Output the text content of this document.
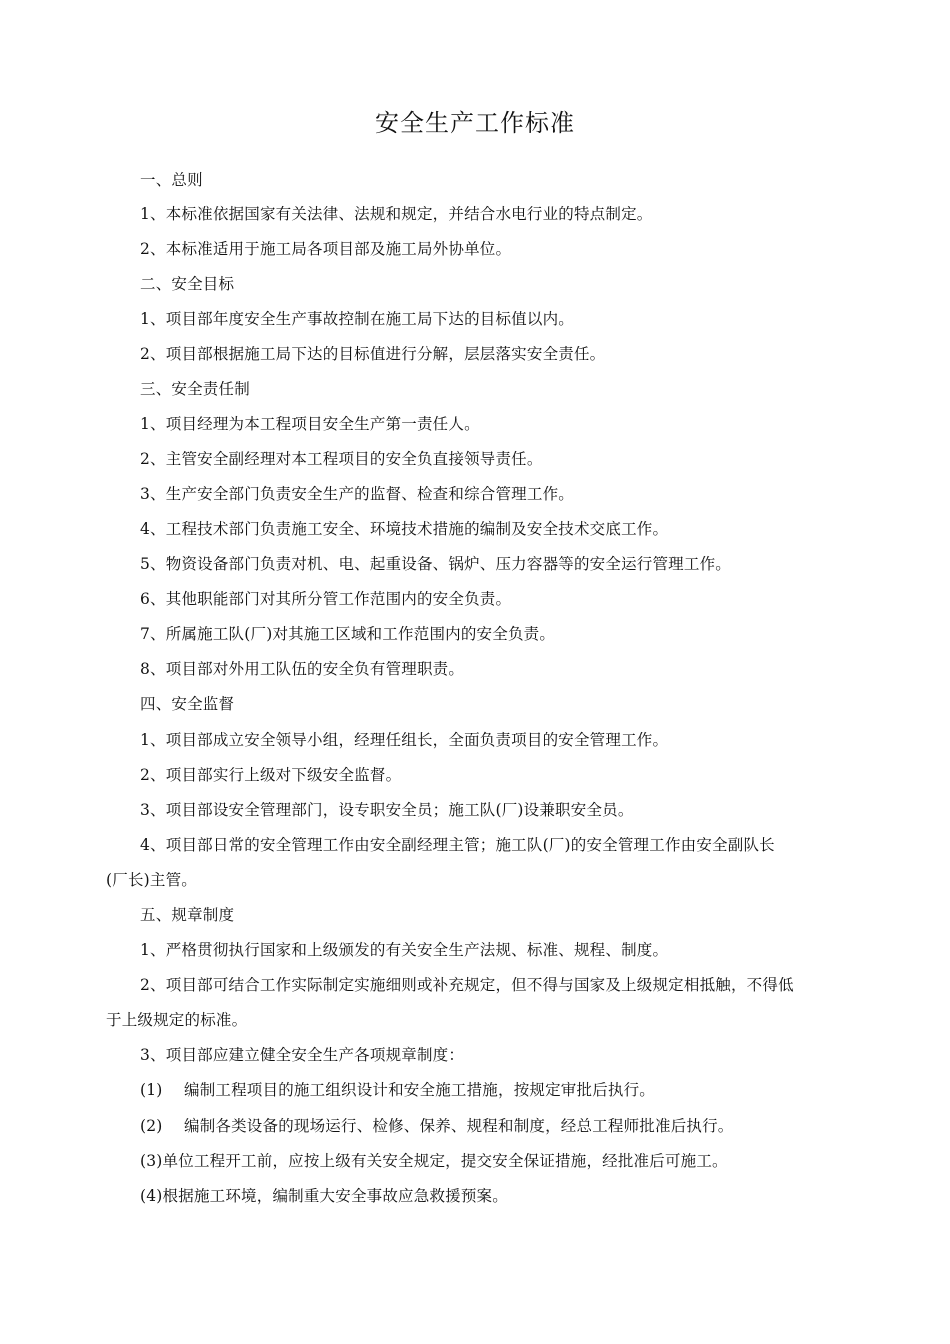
安全生产工作标准
一、总则
1、本标准依据国家有关法律、法规和规定，并结合水电行业的特点制定。
2、本标准适用于施工局各项目部及施工局外协单位。
二、安全目标
1、项目部年度安全生产事故控制在施工局下达的目标值以内。
2、项目部根据施工局下达的目标值进行分解，层层落实安全责任。
三、安全责任制
1、项目经理为本工程项目安全生产第一责任人。
2、主管安全副经理对本工程项目的安全负直接领导责任。
3、生产安全部门负责安全生产的监督、检查和综合管理工作。
4、工程技术部门负责施工安全、环境技术措施的编制及安全技术交底工作。
5、物资设备部门负责对机、电、起重设备、锅炉、压力容器等的安全运行管理工作。
6、其他职能部门对其所分管工作范围内的安全负责。
7、所属施工队(厂)对其施工区域和工作范围内的安全负责。
8、项目部对外用工队伍的安全负有管理职责。
四、安全监督
1、项目部成立安全领导小组，经理任组长，全面负责项目的安全管理工作。
2、项目部实行上级对下级安全监督。
3、项目部设安全管理部门，设专职安全员；施工队(厂)设兼职安全员。
4、项目部日常的安全管理工作由安全副经理主管；施工队(厂)的安全管理工作由安全副队长
(厂长)主管。
五、规章制度
1、严格贯彻执行国家和上级颁发的有关安全生产法规、标准、规程、制度。
2、项目部可结合工作实际制定实施细则或补充规定，但不得与国家及上级规定相抵触，不得低
于上级规定的标准。
3、项目部应建立健全安全生产各项规章制度：
(1) 编制工程项目的施工组织设计和安全施工措施，按规定审批后执行。
(2) 编制各类设备的现场运行、检修、保养、规程和制度，经总工程师批准后执行。
(3)单位工程开工前，应按上级有关安全规定，提交安全保证措施，经批准后可施工。
(4)根据施工环境，编制重大安全事故应急救援预案。
